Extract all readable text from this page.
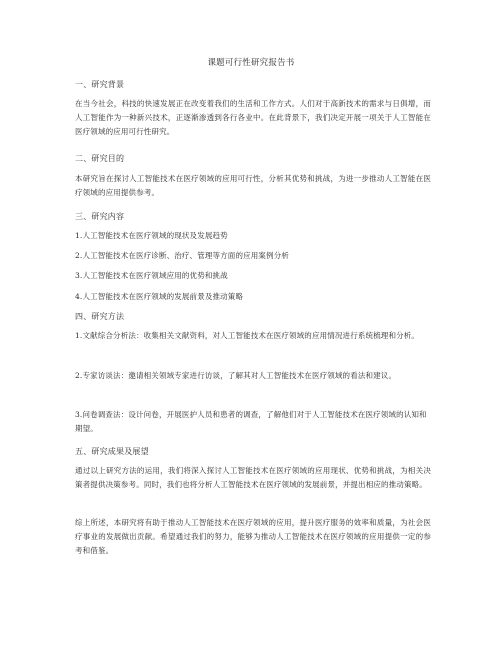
课题可行性研究报告书
一、研究背景
在当今社会，科技的快速发展正在改变着我们的生活和工作方式。人们对于高新技术的需求与日俱增，而人工智能作为一种新兴技术，正逐渐渗透到各行各业中。在此背景下，我们决定开展一项关于人工智能在医疗领域的应用可行性研究。
二、研究目的
本研究旨在探讨人工智能技术在医疗领域的应用可行性，分析其优势和挑战，为进一步推动人工智能在医疗领域的应用提供参考。
三、研究内容
1.人工智能技术在医疗领域的现状及发展趋势
2.人工智能技术在医疗诊断、治疗、管理等方面的应用案例分析
3.人工智能技术在医疗领域应用的优势和挑战
4.人工智能技术在医疗领域的发展前景及推动策略
四、研究方法
1.文献综合分析法：收集相关文献资料，对人工智能技术在医疗领域的应用情况进行系统梳理和分析。
2.专家访谈法：邀请相关领域专家进行访谈，了解其对人工智能技术在医疗领域的看法和建议。
3.问卷调查法：设计问卷，开展医护人员和患者的调查，了解他们对于人工智能技术在医疗领域的认知和期望。
五、研究成果及展望
通过以上研究方法的运用，我们将深入探讨人工智能技术在医疗领域的应用现状、优势和挑战，为相关决策者提供决策参考。同时，我们也将分析人工智能技术在医疗领域的发展前景，并提出相应的推动策略。
综上所述，本研究将有助于推动人工智能技术在医疗领域的应用，提升医疗服务的效率和质量，为社会医疗事业的发展做出贡献。希望通过我们的努力，能够为推动人工智能技术在医疗领域的应用提供一定的参考和借鉴。
